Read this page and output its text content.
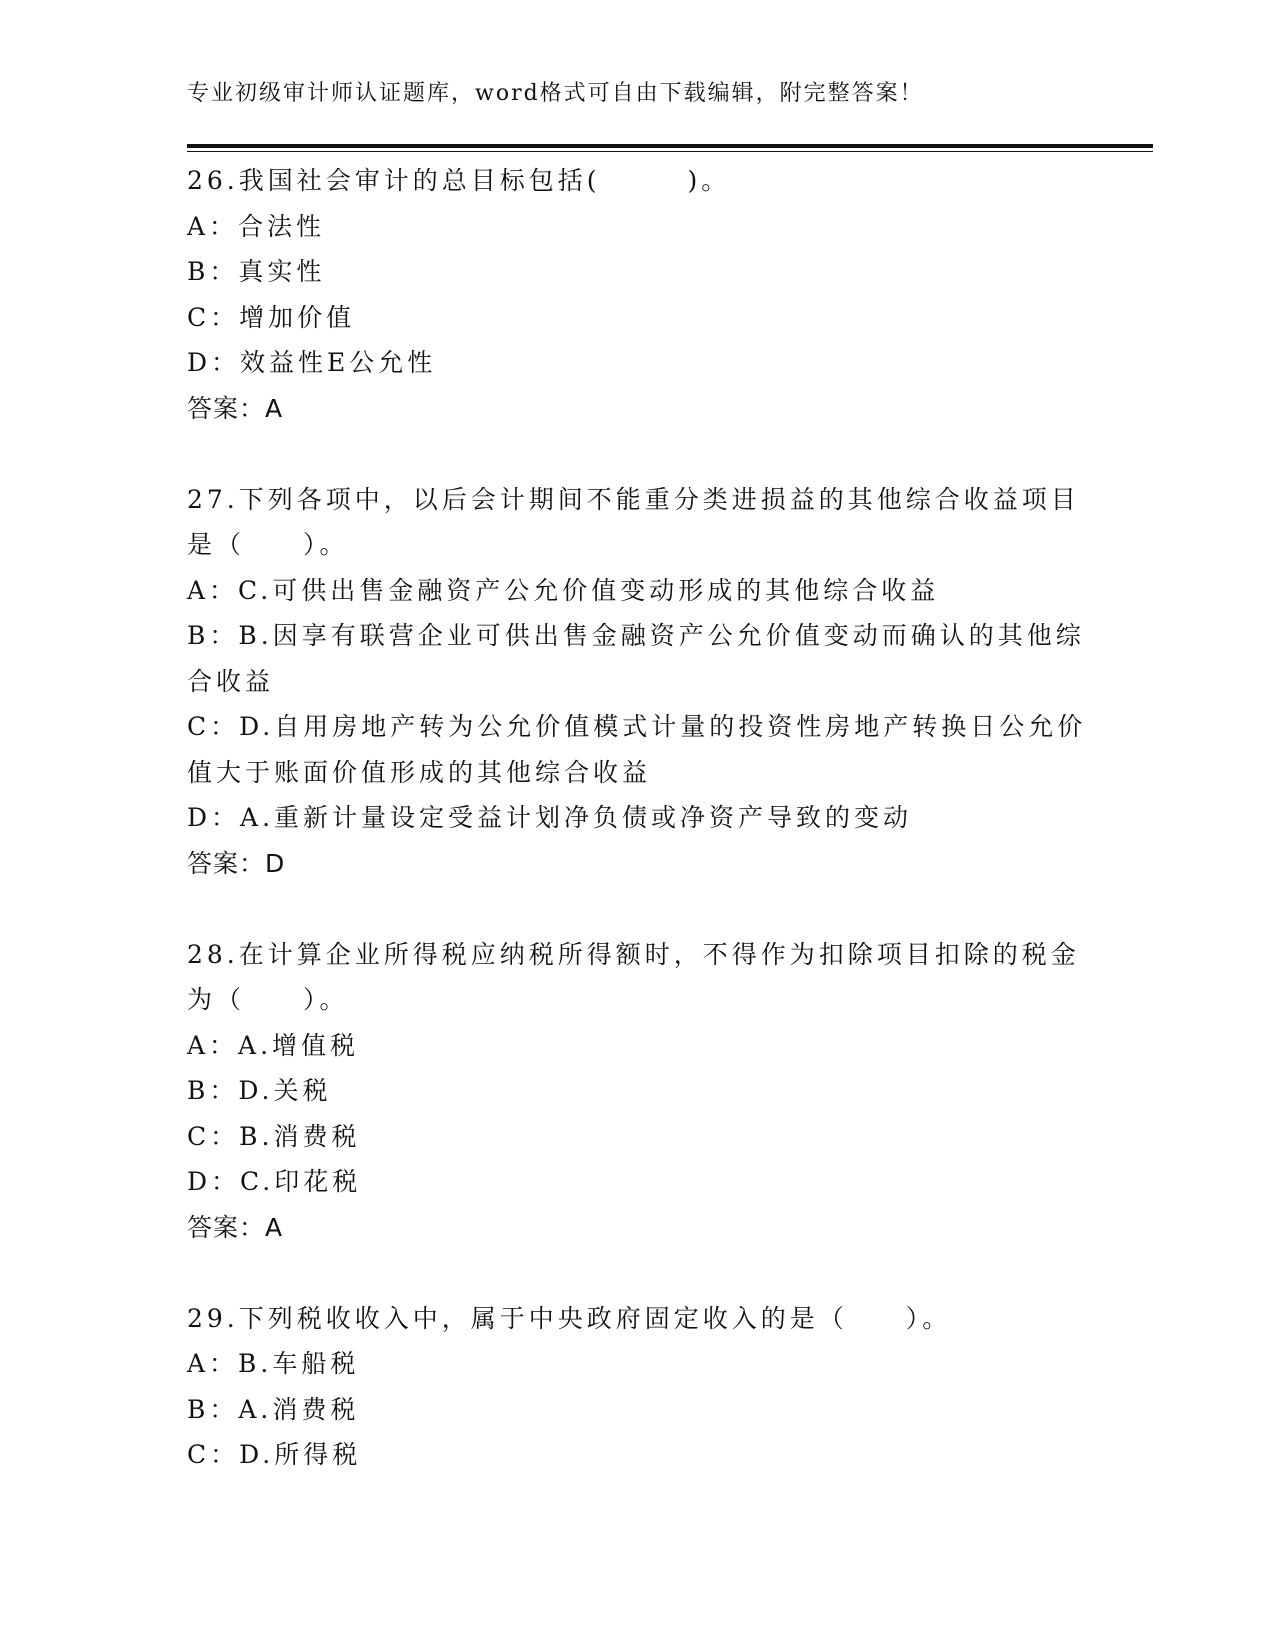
专业初级审计师认证题库，word格式可自由下载编辑，附完整答案！

26.我国社会审计的总目标包括(　　　)。

A：合法性

B：真实性

C：增加价值

D：效益性E公允性

答案：A

27.下列各项中，以后会计期间不能重分类进损益的其他综合收益项目

是（　　）。

A：C.可供出售金融资产公允价值变动形成的其他综合收益

B：B.因享有联营企业可供出售金融资产公允价值变动而确认的其他综

合收益

C：D.自用房地产转为公允价值模式计量的投资性房地产转换日公允价

值大于账面价值形成的其他综合收益

D：A.重新计量设定受益计划净负债或净资产导致的变动

答案：D

28.在计算企业所得税应纳税所得额时，不得作为扣除项目扣除的税金

为（　　）。

A：A.增值税

B：D.关税

C：B.消费税

D：C.印花税

答案：A

29.下列税收收入中，属于中央政府固定收入的是（　　）。

A：B.车船税

B：A.消费税

C：D.所得税
